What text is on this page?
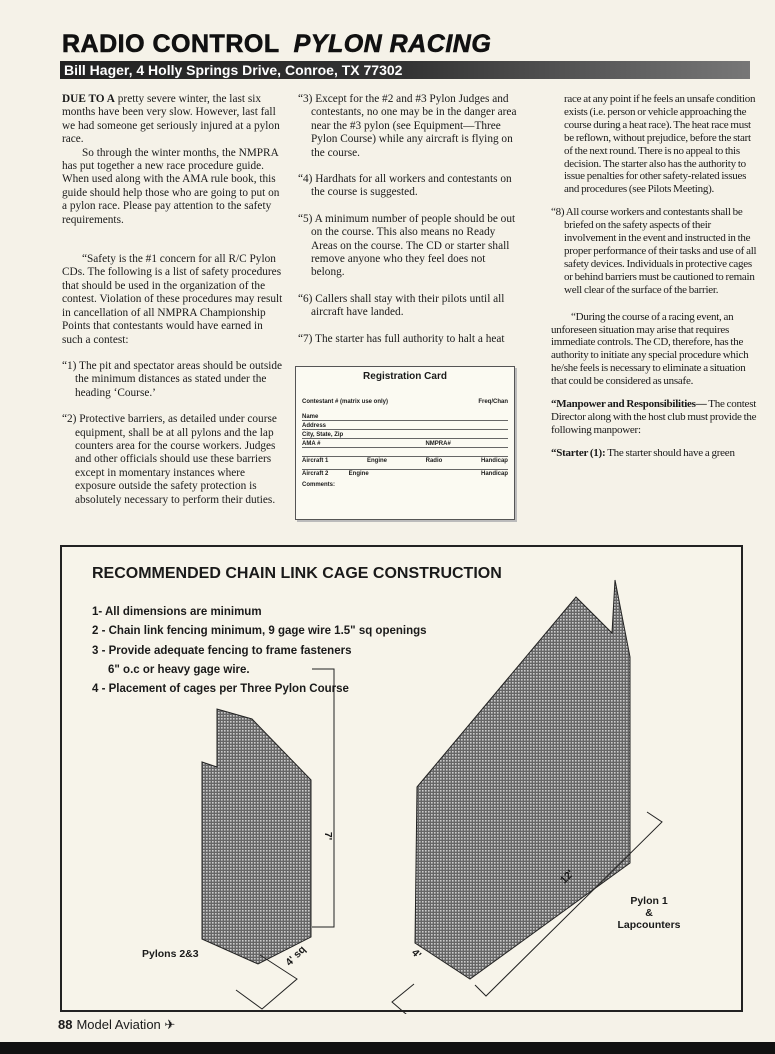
RADIO CONTROL PYLON RACING
Bill Hager, 4 Holly Springs Drive, Conroe, TX 77302

DUE TO A pretty severe winter, the last six months have been very slow. However, last fall we had someone get seriously injured at a pylon race.

So through the winter months, the NMPRA has put together a new race procedure guide. When used along with the AMA rule book, this guide should help those who are going to put on a pylon race. Please pay attention to the safety requirements.

“Safety is the #1 concern for all R/C Pylon CDs. The following is a list of safety procedures that should be used in the organization of the contest. Violation of these procedures may result in cancellation of all NMPRA Championship Points that contestants would have earned in such a contest:

“1) The pit and spectator areas should be outside the minimum distances as stated under the heading ‘Course.’

“2) Protective barriers, as detailed under course equipment, shall be at all pylons and the lap counters area for the course workers. Judges and other officials should use these barriers except in momentary instances where exposure outside the safety protection is absolutely necessary to perform their duties.

“3) Except for the #2 and #3 Pylon Judges and contestants, no one may be in the danger area near the #3 pylon (see Equipment—Three Pylon Course) while any aircraft is flying on the course.

“4) Hardhats for all workers and contestants on the course is suggested.

“5) A minimum number of people should be out on the course. This also means no Ready Areas on the course. The CD or starter shall remove anyone who they feel does not belong.

“6) Callers shall stay with their pilots until all aircraft have landed.

“7) The starter has full authority to halt a heat

race at any point if he feels an unsafe condition exists (i.e. person or vehicle approaching the course during a heat race). The heat race must be reflown, without prejudice, before the start of the next round. There is no appeal to this decision. The starter also has the authority to issue penalties for other safety-related issues and procedures (see Pilots Meeting).

“8) All course workers and contestants shall be briefed on the safety aspects of their involvement in the event and instructed in the proper performance of their tasks and use of all safety devices. Individuals in protective cages or behind barriers must be cautioned to remain well clear of the surface of the barrier.

“During the course of a racing event, an unforeseen situation may arise that requires immediate controls. The CD, therefore, has the authority to initiate any special procedure which he/she feels is necessary to eliminate a situation that could be considered as unsafe.

“Manpower and Responsibilities— The contest Director along with the host club must provide the following manpower:

“Starter (1): The starter should have a green

Registration Card
Contestant # (matrix use only)	Freq/Chan
Name
Address
City, State, Zip
AMA #	NMPRA#
Aircraft 1	Engine	Radio	Handicap
Aircraft 2	Engine	Handicap
Comments:
RECOMMENDED CHAIN LINK CAGE CONSTRUCTION
1- All dimensions are minimum
2 - Chain link fencing minimum, 9 gage wire 1.5" sq openings
3 - Provide adequate fencing to frame fasteners
6" o.c or heavy gage wire.
4 - Placement of cages per Three Pylon Course
7'
4' sq	4'
12'
Pylons 2&3
Pylon 1
&
Lapcounters
88 Model Aviation ✈
